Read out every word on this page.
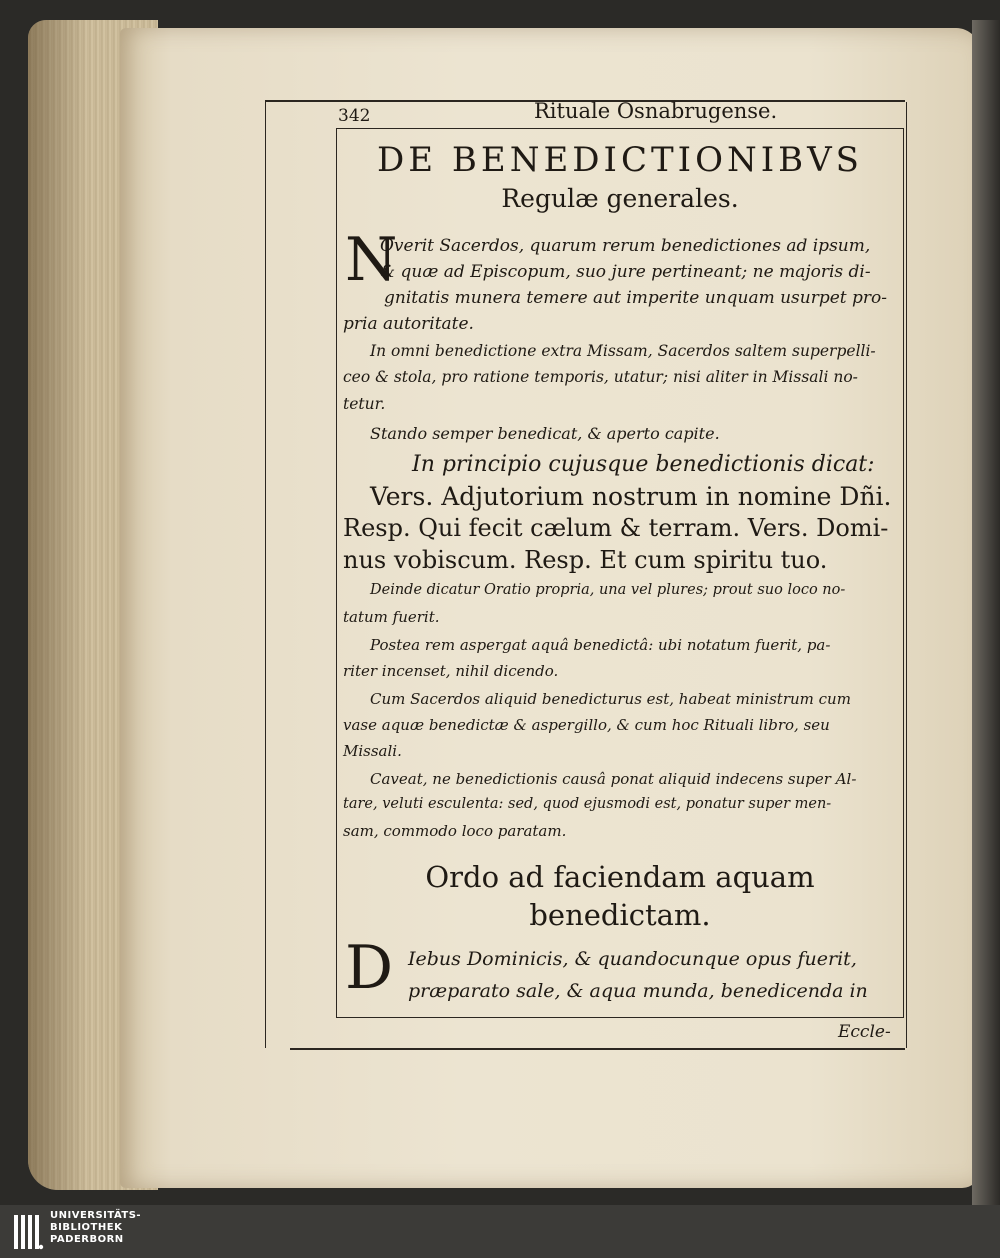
342	Rituale Osnabrugense.
DE BENEDICTIONIBVS
Regulæ generales.
N
Overit Sacerdos, quarum rerum benedictiones ad ipsum,
& quæ ad Episcopum, suo jure pertineant; ne majoris di-
gnitatis munera temere aut imperite unquam usurpet pro-
pria autoritate.
In omni benedictione extra Missam, Sacerdos saltem superpelli-
ceo & stola, pro ratione temporis, utatur; nisi aliter in Missali no-
tetur.
Stando semper benedicat, & aperto capite.
In principio cujusque benedictionis dicat:
Vers. Adjutorium nostrum in nomine Dñi.
Resp. Qui fecit cælum & terram. Vers. Domi-
nus vobiscum. Resp. Et cum spiritu tuo.
Deinde dicatur Oratio propria, una vel plures; prout suo loco no-
tatum fuerit.
Postea rem aspergat aquâ benedictâ: ubi notatum fuerit, pa-
riter incenset, nihil dicendo.
Cum Sacerdos aliquid benedicturus est, habeat ministrum cum
vase aquæ benedictæ & aspergillo, & cum hoc Rituali libro, seu
Missali.
Caveat, ne benedictionis causâ ponat aliquid indecens super Al-
tare, veluti esculenta: sed, quod ejusmodi est, ponatur super men-
sam, commodo loco paratam.
Ordo ad faciendam aquam
benedictam.
D Iebus Dominicis, & quandocunque opus fuerit,
præparato sale, & aqua munda, benedicenda in
Eccle-
UNIVERSITÄTS-
BIBLIOTHEK
PADERBORN
